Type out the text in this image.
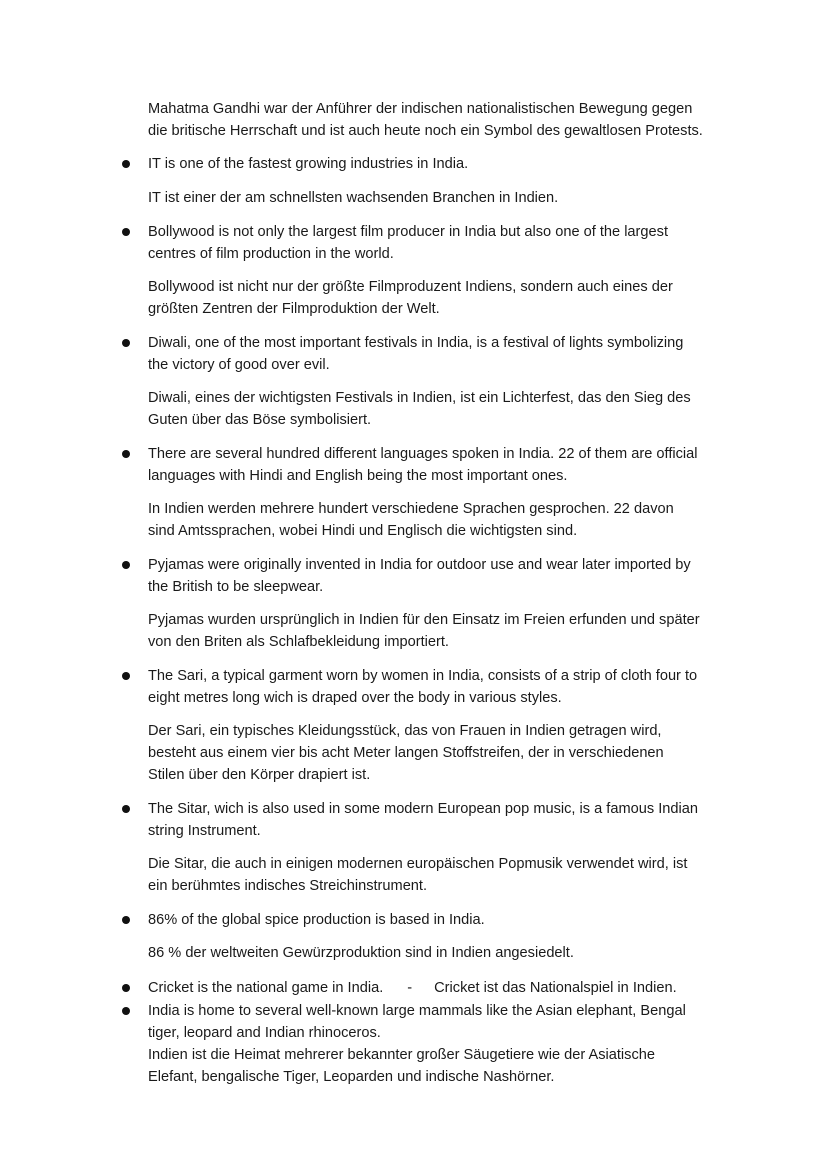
Mahatma Gandhi war der Anführer der indischen nationalistischen Bewegung gegen
die britische Herrschaft und ist auch heute noch ein Symbol des gewaltlosen Protests.

IT is one of the fastest growing industries in India.

IT ist einer der am schnellsten wachsenden Branchen in Indien.

Bollywood is not only the largest film producer in India but also one of the largest
centres of film production in the world.

Bollywood ist nicht nur der größte Filmproduzent Indiens, sondern auch eines der
größten Zentren der Filmproduktion der Welt.

Diwali, one of the most important festivals in India, is a festival of lights symbolizing
the victory of good over evil.

Diwali, eines der wichtigsten Festivals in Indien, ist ein Lichterfest, das den Sieg des
Guten über das Böse symbolisiert.

There are several hundred different languages spoken in India. 22 of them are official
languages with Hindi and English being the most important ones.

In Indien werden mehrere hundert verschiedene Sprachen gesprochen. 22 davon
sind Amtssprachen, wobei Hindi und Englisch die wichtigsten sind.

Pyjamas were originally invented in India for outdoor use and wear later imported by
the British to be sleepwear.

Pyjamas wurden ursprünglich in Indien für den Einsatz im Freien erfunden und später
von den Briten als Schlafbekleidung importiert.

The Sari, a typical garment worn by women in India, consists of a strip of cloth four to
eight metres long wich is draped over the body in various styles.

Der Sari, ein typisches Kleidungsstück, das von Frauen in Indien getragen wird,
besteht aus einem vier bis acht Meter langen Stoffstreifen, der in verschiedenen
Stilen über den Körper drapiert ist.

The Sitar, wich is also used in some modern European pop music, is a famous Indian
string Instrument.

Die Sitar, die auch in einigen modernen europäischen Popmusik verwendet wird, ist
ein berühmtes indisches Streichinstrument.

86% of the global spice production is based in India.

86 % der weltweiten Gewürzproduktion sind in Indien angesiedelt.

Cricket is the national game in India. - Cricket ist das Nationalspiel in Indien.

India is home to several well-known large mammals like the Asian elephant, Bengal
tiger, leopard and Indian rhinoceros.
Indien ist die Heimat mehrerer bekannter großer Säugetiere wie der Asiatische
Elefant, bengalische Tiger, Leoparden und indische Nashörner.
